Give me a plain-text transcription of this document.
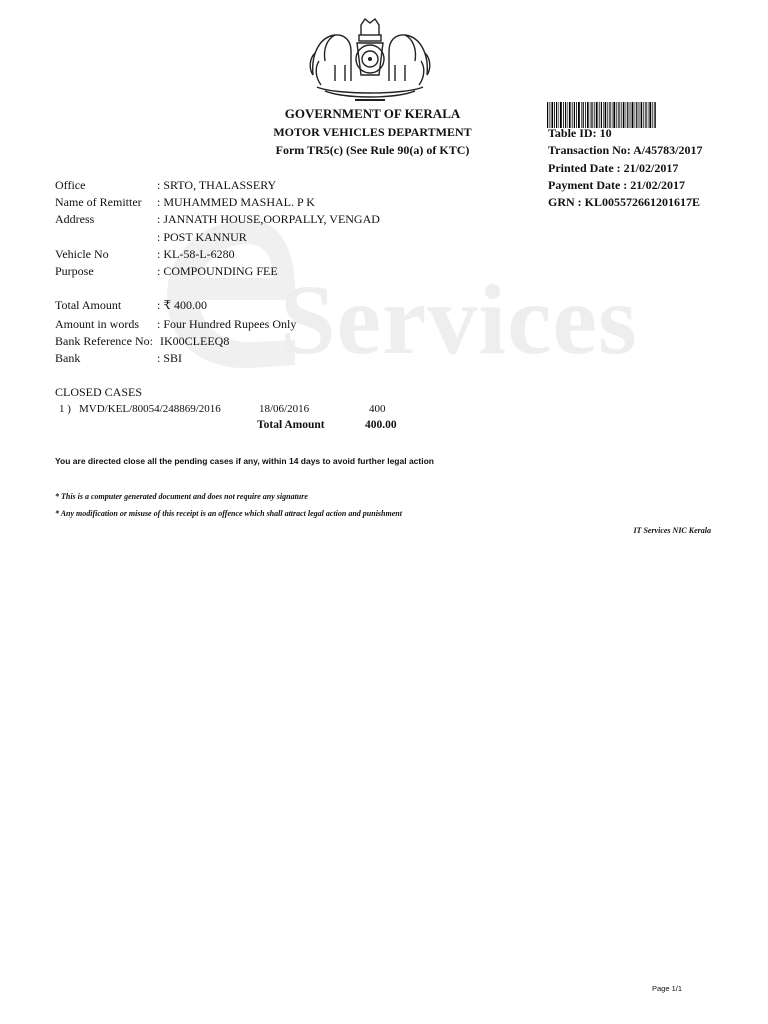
Services
GOVERNMENT OF KERALA
MOTOR VEHICLES DEPARTMENT
Form TR5(c) (See Rule 90(a) of KTC)
Table ID: 10
Transaction No: A/45783/2017
Printed Date : 21/02/2017
Payment Date : 21/02/2017
GRN : KL005572661201617E
Office	: SRTO, THALASSERY
Name of Remitter : MUHAMMED MASHAL. P K
Address	: JANNATH HOUSE,OORPALLY, VENGAD
: POST KANNUR
Vehicle No	: KL-58-L-6280
Purpose	: COMPOUNDING FEE
Total Amount	: ₹ 400.00
Amount in words : Four Hundred Rupees Only
Bank Reference No: IK00CLEEQ8
Bank	: SBI
CLOSED CASES
1 ) MVD/KEL/80054/248869/2016	18/06/2016	400
Total Amount	400.00
You are directed close all the pending cases if any, within 14 days to avoid further legal action
* This is a computer generated document and does not require any signature
* Any modification or misuse of this receipt is an offence which shall attract legal action and punishment
IT Services NIC Kerala
Page 1/1
